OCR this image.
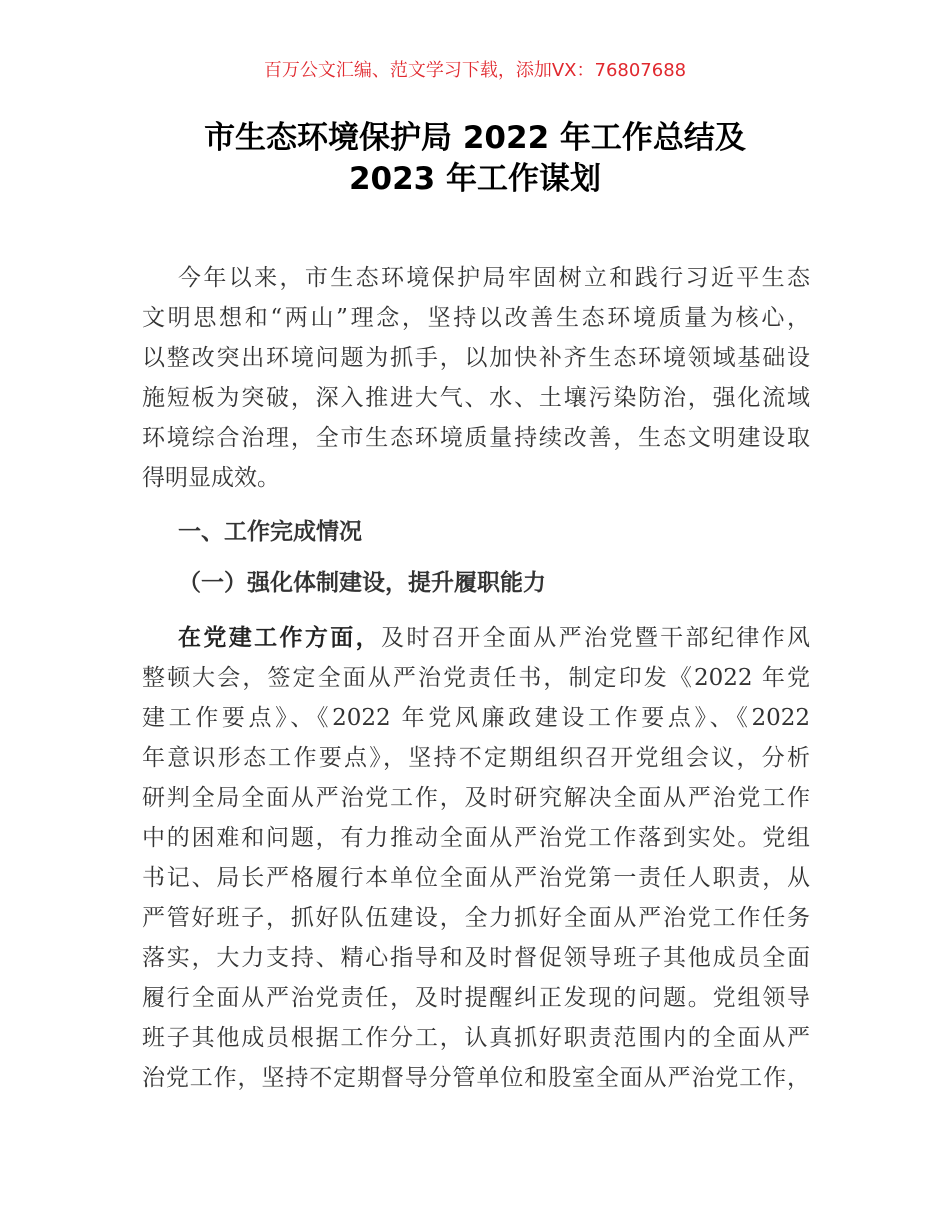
百万公文汇编、范文学习下载，添加VX：76807688
市生态环境保护局 2022 年工作总结及
2023 年工作谋划
今年以来，市生态环境保护局牢固树立和践行习近平生态
文明思想和“两山”理念，坚持以改善生态环境质量为核心，
以整改突出环境问题为抓手，以加快补齐生态环境领域基础设
施短板为突破，深入推进大气、水、土壤污染防治，强化流域
环境综合治理，全市生态环境质量持续改善，生态文明建设取
得明显成效。
一、工作完成情况
（一）强化体制建设，提升履职能力
在党建工作方面，及时召开全面从严治党暨干部纪律作风
整顿大会，签定全面从严治党责任书，制定印发《2022 年党
建工作要点》、《2022 年党风廉政建设工作要点》、《2022
年意识形态工作要点》，坚持不定期组织召开党组会议，分析
研判全局全面从严治党工作，及时研究解决全面从严治党工作
中的困难和问题，有力推动全面从严治党工作落到实处。党组
书记、局长严格履行本单位全面从严治党第一责任人职责，从
严管好班子，抓好队伍建设，全力抓好全面从严治党工作任务
落实，大力支持、精心指导和及时督促领导班子其他成员全面
履行全面从严治党责任，及时提醒纠正发现的问题。党组领导
班子其他成员根据工作分工，认真抓好职责范围内的全面从严
治党工作，坚持不定期督导分管单位和股室全面从严治党工作，
